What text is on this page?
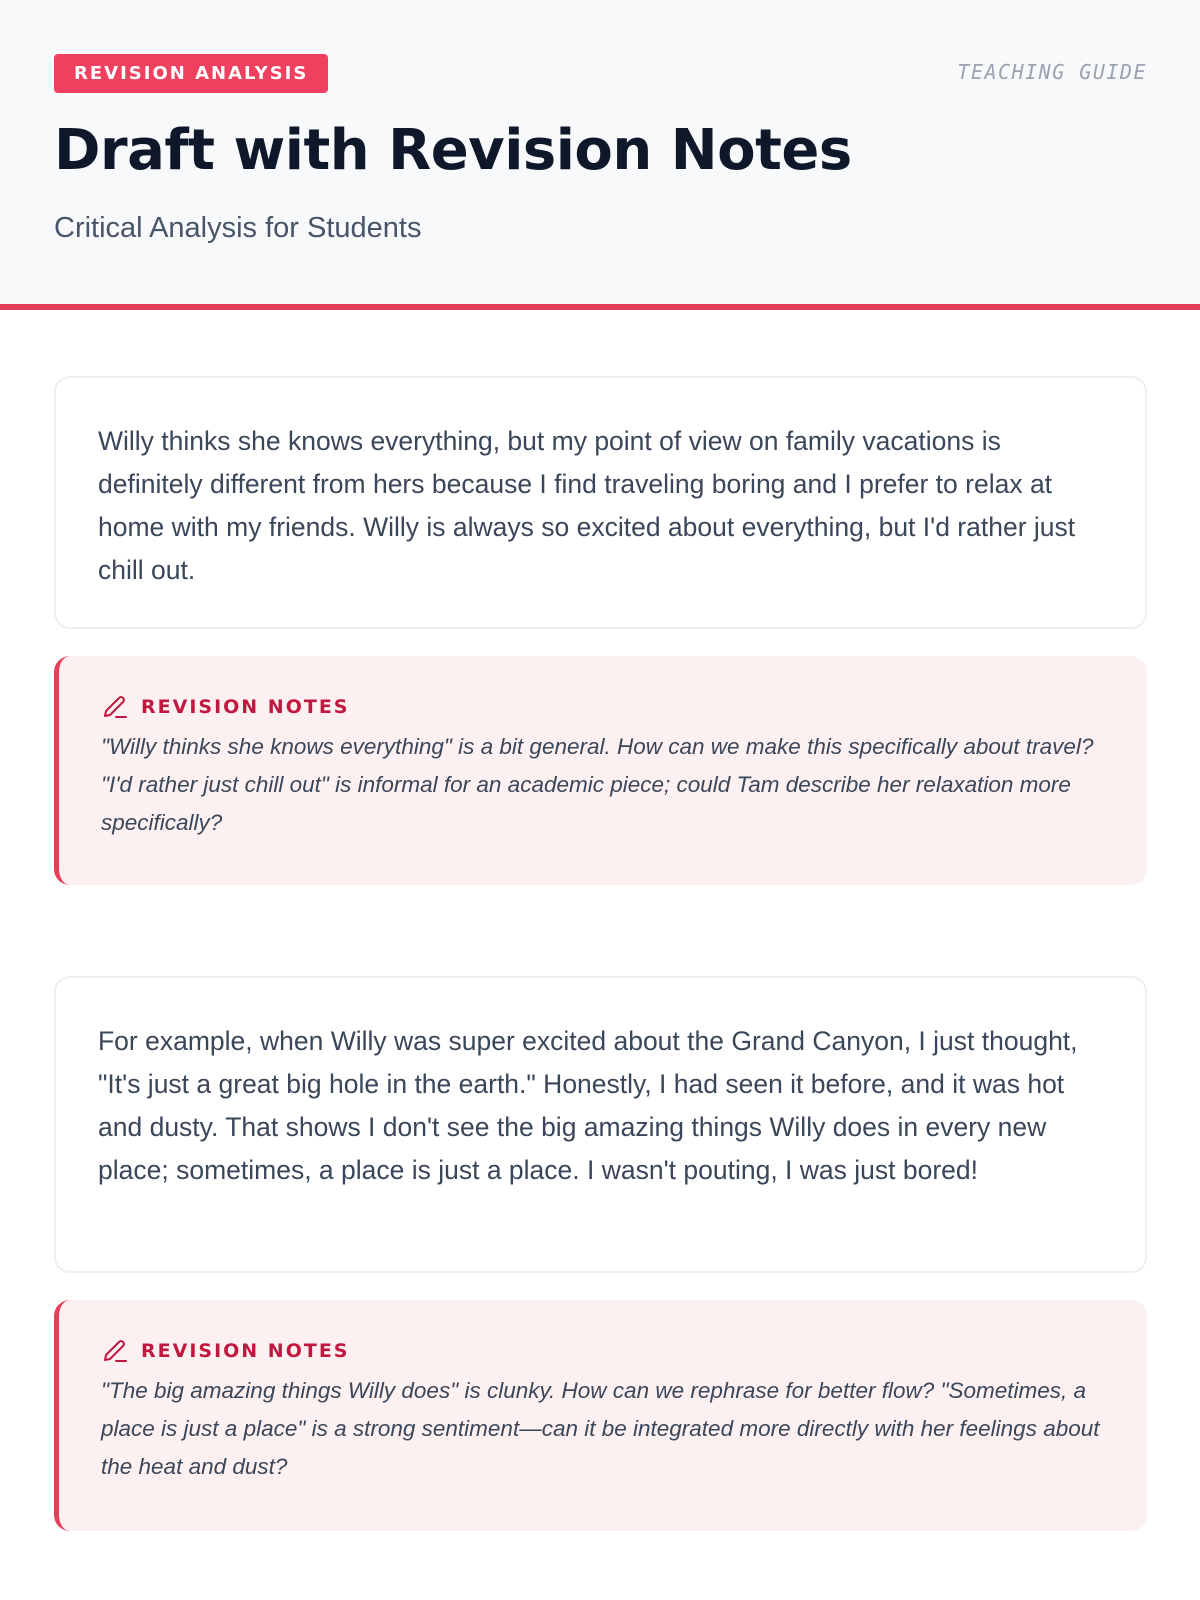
REVISION ANALYSIS	TEACHING GUIDE
Draft with Revision Notes
Critical Analysis for Students

Willy thinks she knows everything, but my point of view on family vacations is definitely different from hers because I find traveling boring and I prefer to relax at home with my friends. Willy is always so excited about everything, but I'd rather just chill out.

REVISION NOTES

"Willy thinks she knows everything" is a bit general. How can we make this specifically about travel? "I'd rather just chill out" is informal for an academic piece; could Tam describe her relaxation more specifically?

For example, when Willy was super excited about the Grand Canyon, I just thought, "It's just a great big hole in the earth." Honestly, I had seen it before, and it was hot and dusty. That shows I don't see the big amazing things Willy does in every new place; sometimes, a place is just a place. I wasn't pouting, I was just bored!

REVISION NOTES

"The big amazing things Willy does" is clunky. How can we rephrase for better flow? "Sometimes, a place is just a place" is a strong sentiment—can it be integrated more directly with her feelings about the heat and dust?
